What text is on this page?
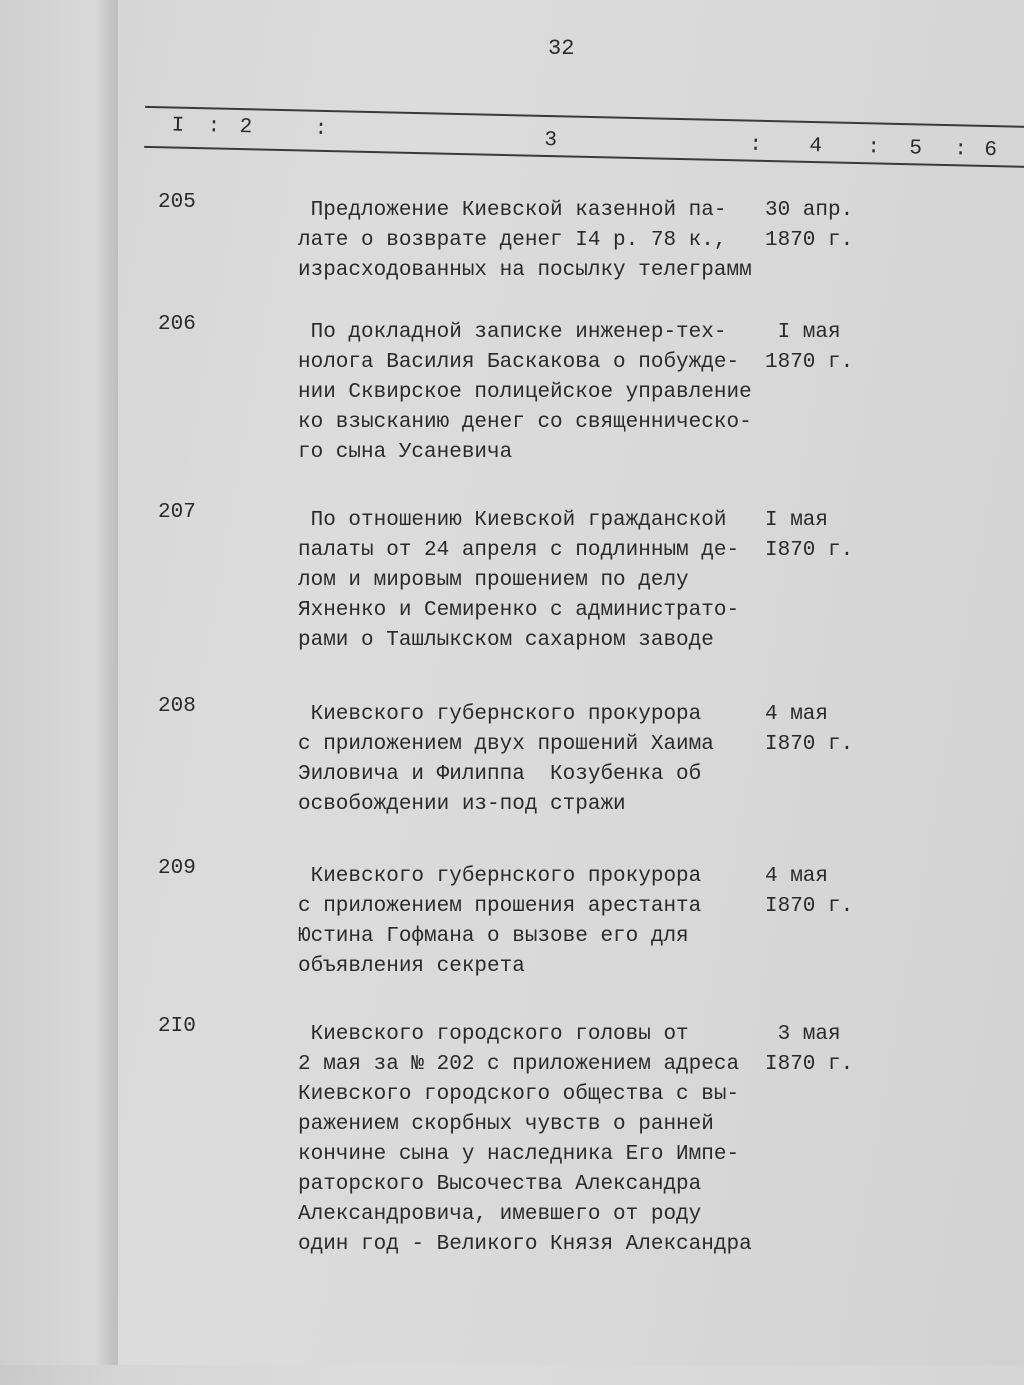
32
I : 2	:	3	: 4 : 5 : 6
205	Предложение Киевской казенной па-
лате о возврате денег I4 р. 78 к.,
израсходованных на посылку телеграмм
30 апр.
1870 г.
206	По докладной записке инженер-тех-
нолога Василия Баскакова о побужде-
нии Сквирское полицейское управление
ко взысканию денег со священническо-
го сына Усаневича
I мая
1870 г.
207	По отношению Киевской гражданской
палаты от 24 апреля с подлинным де-
лом и мировым прошением по делу
Яхненко и Семиренко с администрато-
рами о Ташлыкском сахарном заводе
I мая
I870 г.
208	Киевского губернского прокурора
с приложением двух прошений Хаима
Эиловича и Филиппа  Козубенка об
освобождении из-под стражи
4 мая
I870 г.
209	Киевского губернского прокурора
с приложением прошения арестанта
Юстина Гофмана о вызове его для
объявления секрета
4 мая
I870 г.
2I0	Киевского городского головы от
2 мая за № 202 с приложением адреса
Киевского городского общества с вы-
ражением скорбных чувств о ранней
кончине сына у наследника Его Импе-
раторского Высочества Александра
Александровича, имевшего от роду
один год - Великого Князя Александра
3 мая
I870 г.
